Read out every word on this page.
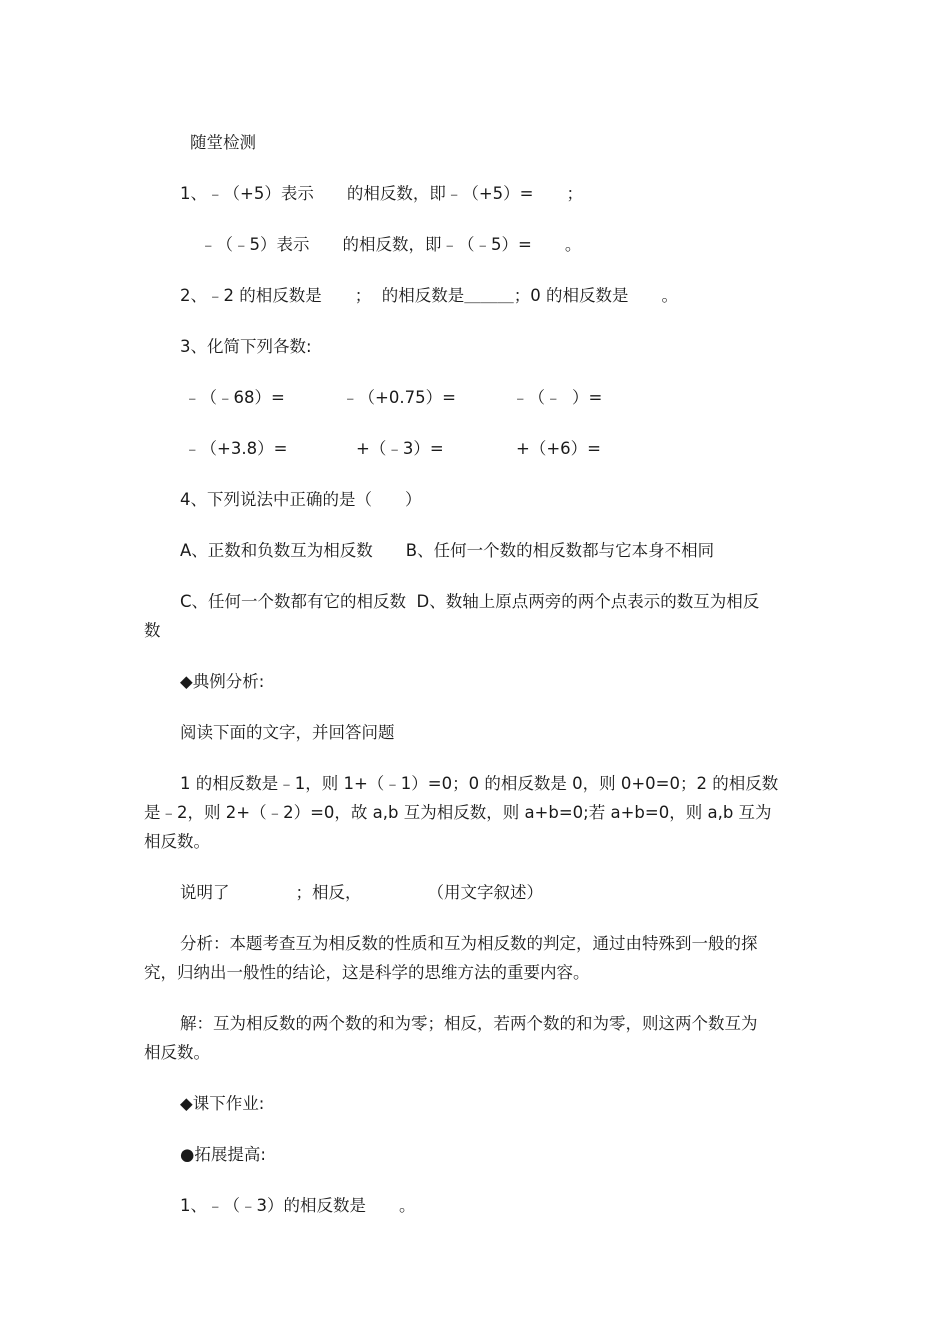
随堂检测
1、﹣（+5）表示　　的相反数，即﹣（+5）=　　；
﹣（﹣5）表示　　的相反数，即﹣（﹣5）=　　。
2、﹣2 的相反数是　　；  的相反数是＿＿＿；0 的相反数是　　。
3、化简下列各数:
﹣（﹣68）=	﹣（+0.75）=	﹣（﹣  ）=
﹣（+3.8）=	+（﹣3）=	+（+6）=
4、下列说法中正确的是（　　）
A、正数和负数互为相反数　　B、任何一个数的相反数都与它本身不相同
C、任何一个数都有它的相反数  D、数轴上原点两旁的两个点表示的数互为相反
数
◆典例分析:
阅读下面的文字，并回答问题
1 的相反数是﹣1，则 1+（﹣1）=0；0 的相反数是 0，则 0+0=0；2 的相反数
是﹣2，则 2+（﹣2）=0，故 a,b 互为相反数，则 a+b=0;若 a+b=0，则 a,b 互为
相反数。
说明了　　　　；相反，　　　　　（用文字叙述）
分析：本题考查互为相反数的性质和互为相反数的判定，通过由特殊到一般的探
究，归纳出一般性的结论，这是科学的思维方法的重要内容。
解：互为相反数的两个数的和为零；相反，若两个数的和为零，则这两个数互为
相反数。
◆课下作业:
●拓展提高:
1、﹣（﹣3）的相反数是　　。
